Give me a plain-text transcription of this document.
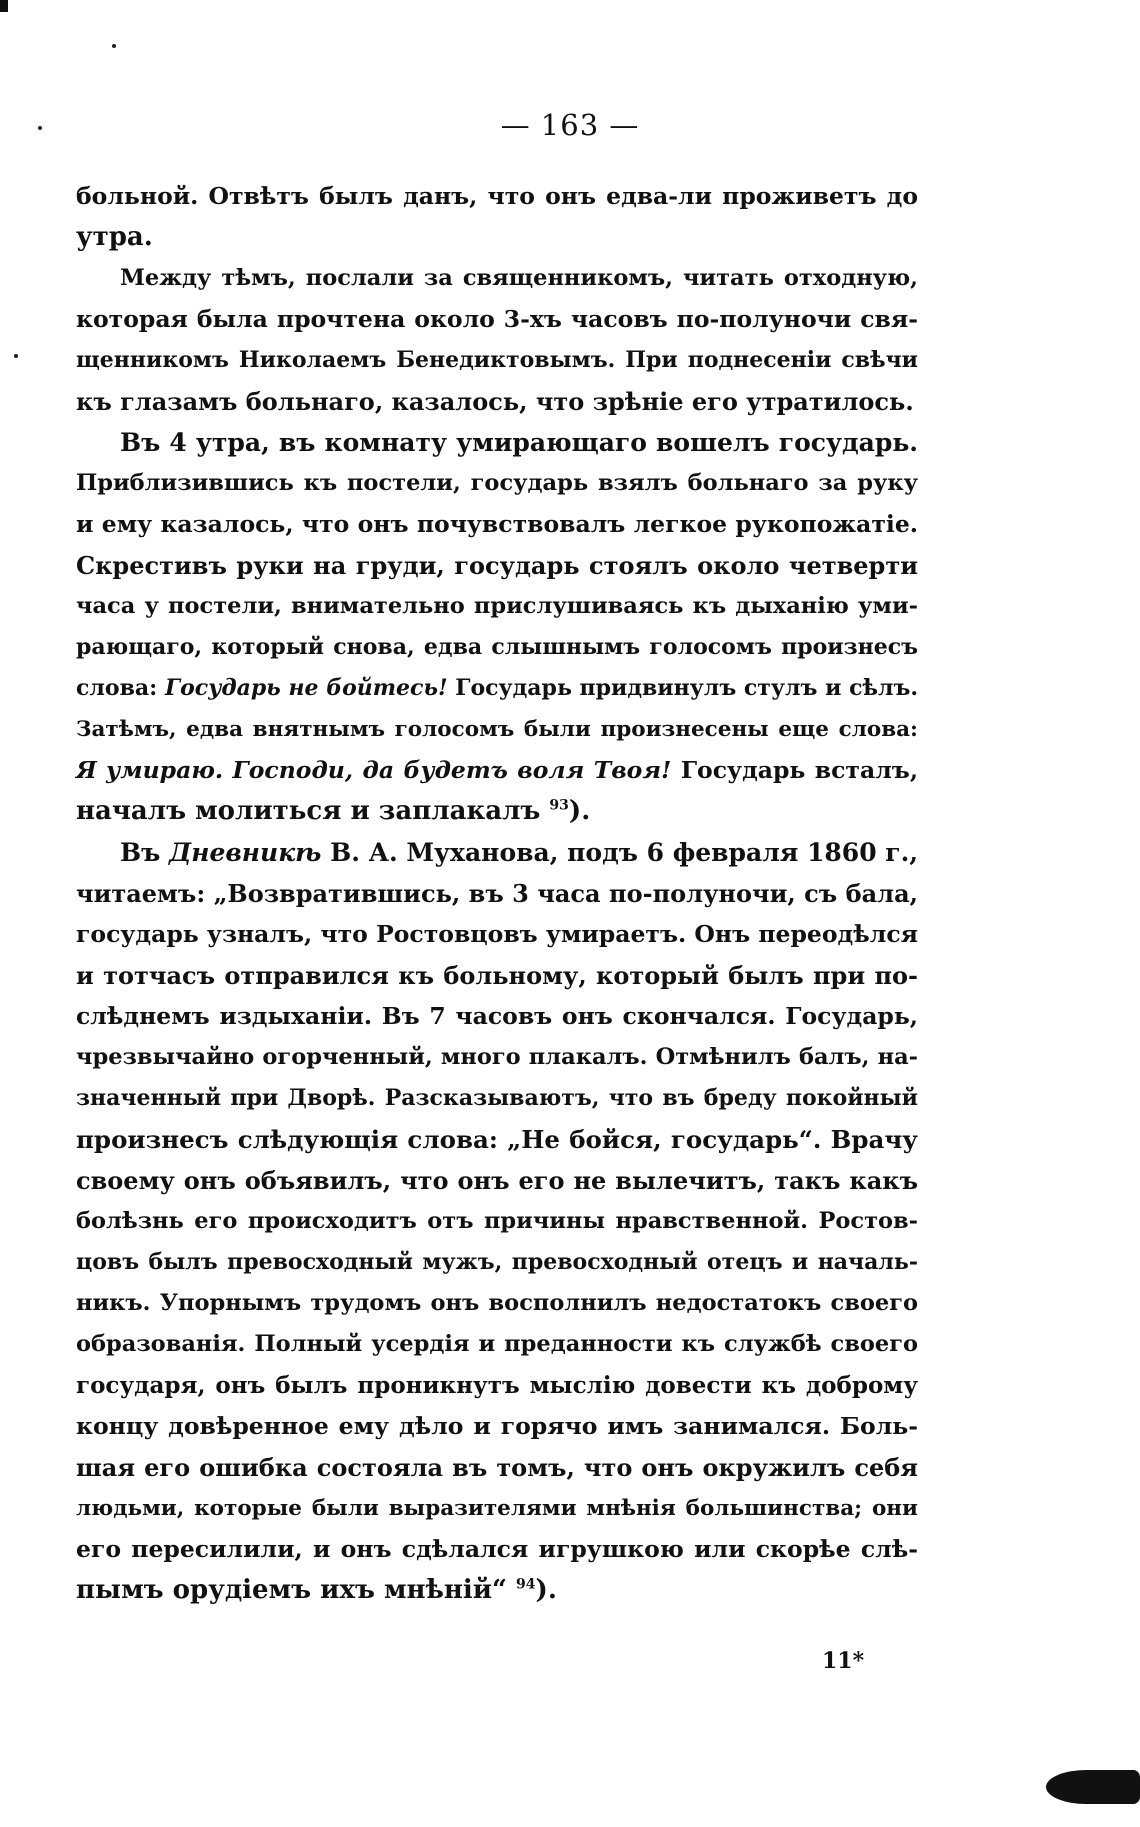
— 163 —
больной. Отвѣтъ былъ данъ, что онъ едва-ли проживетъ до
утра.
Между тѣмъ, послали за священникомъ, читать отходную,
которая была прочтена около 3-хъ часовъ по-полуночи свя-
щенникомъ Николаемъ Бенедиктовымъ. При поднесеніи свѣчи
къ глазамъ больнаго, казалось, что зрѣніе его утратилось.
Въ 4 утра, въ комнату умирающаго вошелъ государь.
Приблизившись къ постели, государь взялъ больнаго за руку
и ему казалось, что онъ почувствовалъ легкое рукопожатіе.
Скрестивъ руки на груди, государь стоялъ около четверти
часа у постели, внимательно прислушиваясь къ дыханію уми-
рающаго, который снова, едва слышнымъ голосомъ произнесъ
слова: Государь не бойтесь! Государь придвинулъ стулъ и сѣлъ.
Затѣмъ, едва внятнымъ голосомъ были произнесены еще слова:
Я умираю. Господи, да будетъ воля Твоя! Государь всталъ,
началъ молиться и заплакалъ $^{93}$).
Въ Дневникѣ В. А. Муханова, подъ 6 февраля 1860 г.,
читаемъ: „Возвратившись, въ 3 часа по-полуночи, съ бала,
государь узналъ, что Ростовцовъ умираетъ. Онъ переодѣлся
и тотчасъ отправился къ больному, который былъ при по-
слѣднемъ издыханіи. Въ 7 часовъ онъ скончался. Государь,
чрезвычайно огорченный, много плакалъ. Отмѣнилъ балъ, на-
значенный при Дворѣ. Разсказываютъ, что въ бреду покойный
произнесъ слѣдующія слова: „Не бойся, государь“. Врачу
своему онъ объявилъ, что онъ его не вылечитъ, такъ какъ
болѣзнь его происходитъ отъ причины нравственной. Ростов-
цовъ былъ превосходный мужъ, превосходный отецъ и началь-
никъ. Упорнымъ трудомъ онъ восполнилъ недостатокъ своего
образованія. Полный усердія и преданности къ службѣ своего
государя, онъ былъ проникнутъ мыслію довести къ доброму
концу довѣренное ему дѣло и горячо имъ занимался. Боль-
шая его ошибка состояла въ томъ, что онъ окружилъ себя
людьми, которые были выразителями мнѣнія большинства; они
его пересилили, и онъ сдѣлался игрушкою или скорѣе слѣ-
пымъ орудіемъ ихъ мнѣній“ $^{94}$).
11*
